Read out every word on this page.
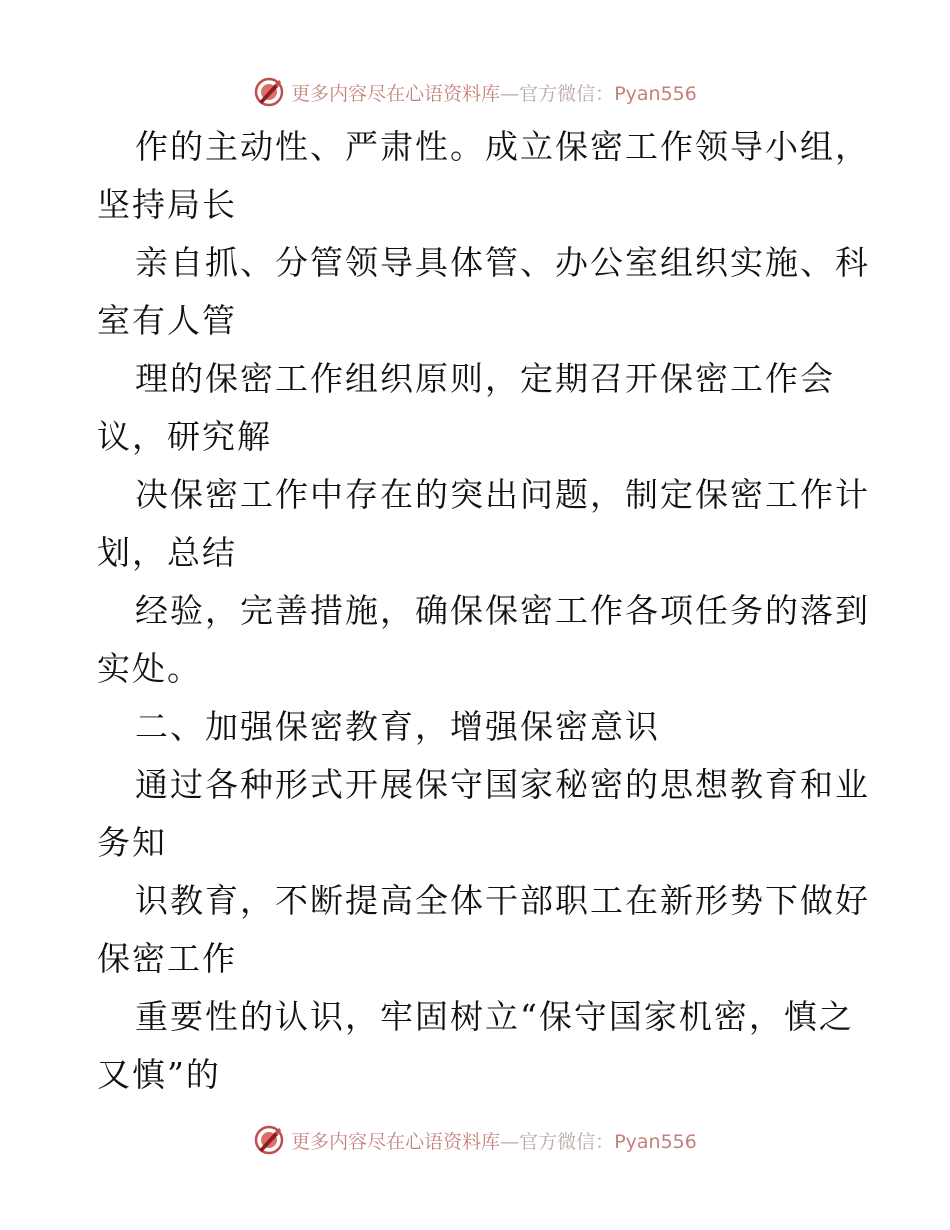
更多内容尽在心语资料库—官方微信：Pyan556
作的主动性、严肃性。成立保密工作领导小组，
坚持局长
亲自抓、分管领导具体管、办公室组织实施、科
室有人管
理的保密工作组织原则，定期召开保密工作会
议，研究解
决保密工作中存在的突出问题，制定保密工作计
划，总结
经验，完善措施，确保保密工作各项任务的落到
实处。
二、加强保密教育，增强保密意识
通过各种形式开展保守国家秘密的思想教育和业
务知
识教育，不断提高全体干部职工在新形势下做好
保密工作
重要性的认识，牢固树立“保守国家机密，慎之
又慎”的
更多内容尽在心语资料库—官方微信：Pyan556
